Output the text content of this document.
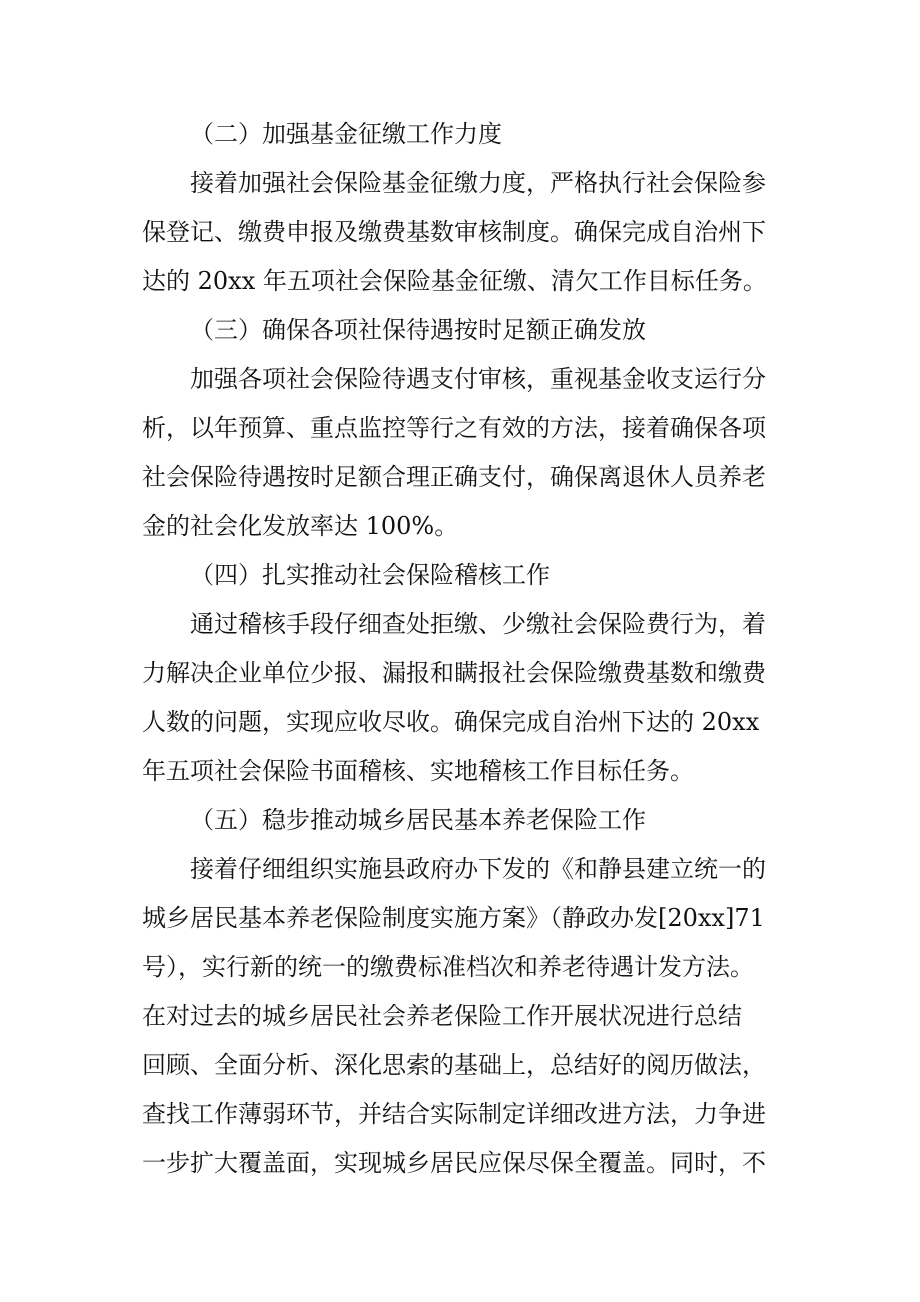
（二）加强基金征缴工作力度
接着加强社会保险基金征缴力度，严格执行社会保险参
保登记、缴费申报及缴费基数审核制度。确保完成自治州下
达的 20xx 年五项社会保险基金征缴、清欠工作目标任务。
（三）确保各项社保待遇按时足额正确发放
加强各项社会保险待遇支付审核，重视基金收支运行分
析，以年预算、重点监控等行之有效的方法，接着确保各项
社会保险待遇按时足额合理正确支付，确保离退休人员养老
金的社会化发放率达 100%。
（四）扎实推动社会保险稽核工作
通过稽核手段仔细查处拒缴、少缴社会保险费行为，着
力解决企业单位少报、漏报和瞒报社会保险缴费基数和缴费
人数的问题，实现应收尽收。确保完成自治州下达的 20xx
年五项社会保险书面稽核、实地稽核工作目标任务。
（五）稳步推动城乡居民基本养老保险工作
接着仔细组织实施县政府办下发的《和静县建立统一的
城乡居民基本养老保险制度实施方案》（静政办发[20xx]71
号），实行新的统一的缴费标准档次和养老待遇计发方法。
在对过去的城乡居民社会养老保险工作开展状况进行总结
回顾、全面分析、深化思索的基础上，总结好的阅历做法，
查找工作薄弱环节，并结合实际制定详细改进方法，力争进
一步扩大覆盖面，实现城乡居民应保尽保全覆盖。同时，不
